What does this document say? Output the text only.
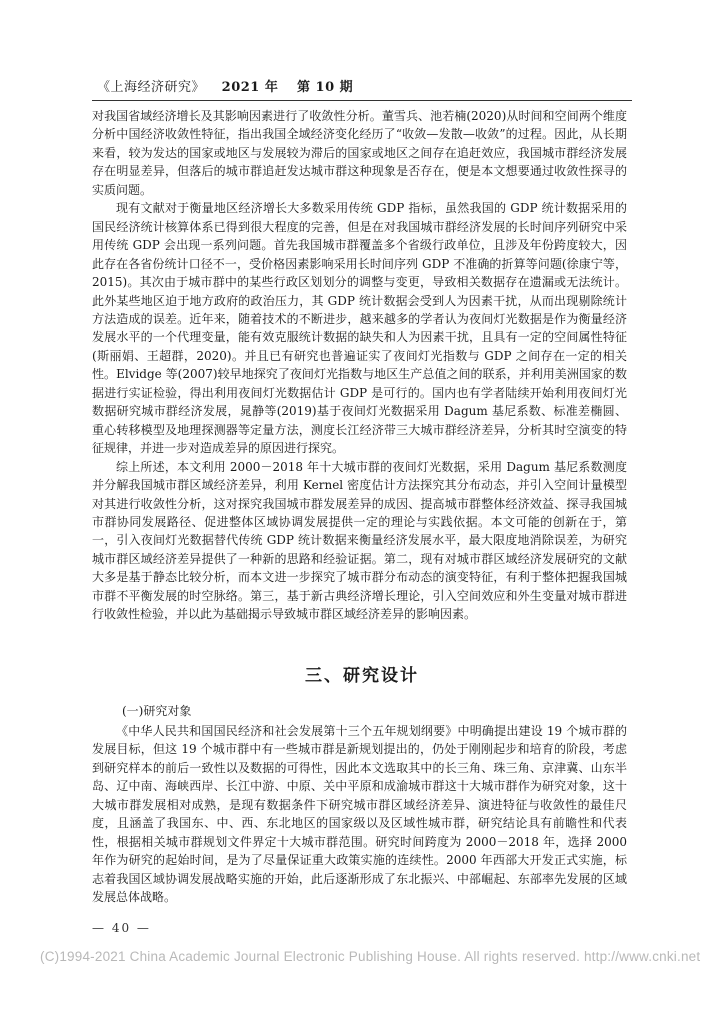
《上海经济研究》 2021 年 第 10 期

对我国省域经济增长及其影响因素进行了收敛性分析。董雪兵、池若楠(2020)从时间和空间两个维度分析中国经济收敛性特征，指出我国全域经济变化经历了“收敛—发散—收敛”的过程。因此，从长期来看，较为发达的国家或地区与发展较为滞后的国家或地区之间存在追赶效应，我国城市群经济发展存在明显差异，但落后的城市群追赶发达城市群这种现象是否存在，便是本文想要通过收敛性探寻的实质问题。

现有文献对于衡量地区经济增长大多数采用传统 GDP 指标，虽然我国的 GDP 统计数据采用的国民经济统计核算体系已得到很大程度的完善，但是在对我国城市群经济发展的长时间序列研究中采用传统 GDP 会出现一系列问题。首先我国城市群覆盖多个省级行政单位，且涉及年份跨度较大，因此存在各省份统计口径不一，受价格因素影响采用长时间序列 GDP 不准确的折算等问题(徐康宁等，2015)。其次由于城市群中的某些行政区划划分的调整与变更，导致相关数据存在遗漏或无法统计。此外某些地区迫于地方政府的政治压力，其 GDP 统计数据会受到人为因素干扰，从而出现剔除统计方法造成的误差。近年来，随着技术的不断进步，越来越多的学者认为夜间灯光数据是作为衡量经济发展水平的一个代理变量，能有效克服统计数据的缺失和人为因素干扰，且具有一定的空间属性特征(斯丽娟、王超群，2020)。并且已有研究也普遍证实了夜间灯光指数与 GDP 之间存在一定的相关性。Elvidge 等(2007)较早地探究了夜间灯光指数与地区生产总值之间的联系，并利用美洲国家的数据进行实证检验，得出利用夜间灯光数据估计 GDP 是可行的。国内也有学者陆续开始利用夜间灯光数据研究城市群经济发展，晁静等(2019)基于夜间灯光数据采用 Dagum 基尼系数、标准差椭圆、重心转移模型及地理探测器等定量方法，测度长江经济带三大城市群经济差异，分析其时空演变的特征规律，并进一步对造成差异的原因进行探究。

综上所述，本文利用 2000－2018 年十大城市群的夜间灯光数据，采用 Dagum 基尼系数测度并分解我国城市群区域经济差异，利用 Kernel 密度估计方法探究其分布动态，并引入空间计量模型对其进行收敛性分析，这对探究我国城市群发展差异的成因、提高城市群整体经济效益、探寻我国城市群协同发展路径、促进整体区域协调发展提供一定的理论与实践依据。本文可能的创新在于，第一，引入夜间灯光数据替代传统 GDP 统计数据来衡量经济发展水平，最大限度地消除误差，为研究城市群区域经济差异提供了一种新的思路和经验证据。第二，现有对城市群区域经济发展研究的文献大多是基于静态比较分析，而本文进一步探究了城市群分布动态的演变特征，有利于整体把握我国城市群不平衡发展的时空脉络。第三，基于新古典经济增长理论，引入空间效应和外生变量对城市群进行收敛性检验，并以此为基础揭示导致城市群区域经济差异的影响因素。

三、研究设计
(一)研究对象

《中华人民共和国国民经济和社会发展第十三个五年规划纲要》中明确提出建设 19 个城市群的发展目标，但这 19 个城市群中有一些城市群是新规划提出的，仍处于刚刚起步和培育的阶段，考虑到研究样本的前后一致性以及数据的可得性，因此本文选取其中的长三角、珠三角、京津冀、山东半岛、辽中南、海峡西岸、长江中游、中原、关中平原和成渝城市群这十大城市群作为研究对象，这十大城市群发展相对成熟，是现有数据条件下研究城市群区域经济差异、演进特征与收敛性的最佳尺度，且涵盖了我国东、中、西、东北地区的国家级以及区域性城市群，研究结论具有前瞻性和代表性，根据相关城市群规划文件界定十大城市群范围。研究时间跨度为 2000－2018 年，选择 2000 年作为研究的起始时间，是为了尽量保证重大政策实施的连续性。2000 年西部大开发正式实施，标志着我国区域协调发展战略实施的开始，此后逐渐形成了东北振兴、中部崛起、东部率先发展的区域发展总体战略。

— 40 —
(C)1994-2021 China Academic Journal Electronic Publishing House. All rights reserved. http://www.cnki.net
